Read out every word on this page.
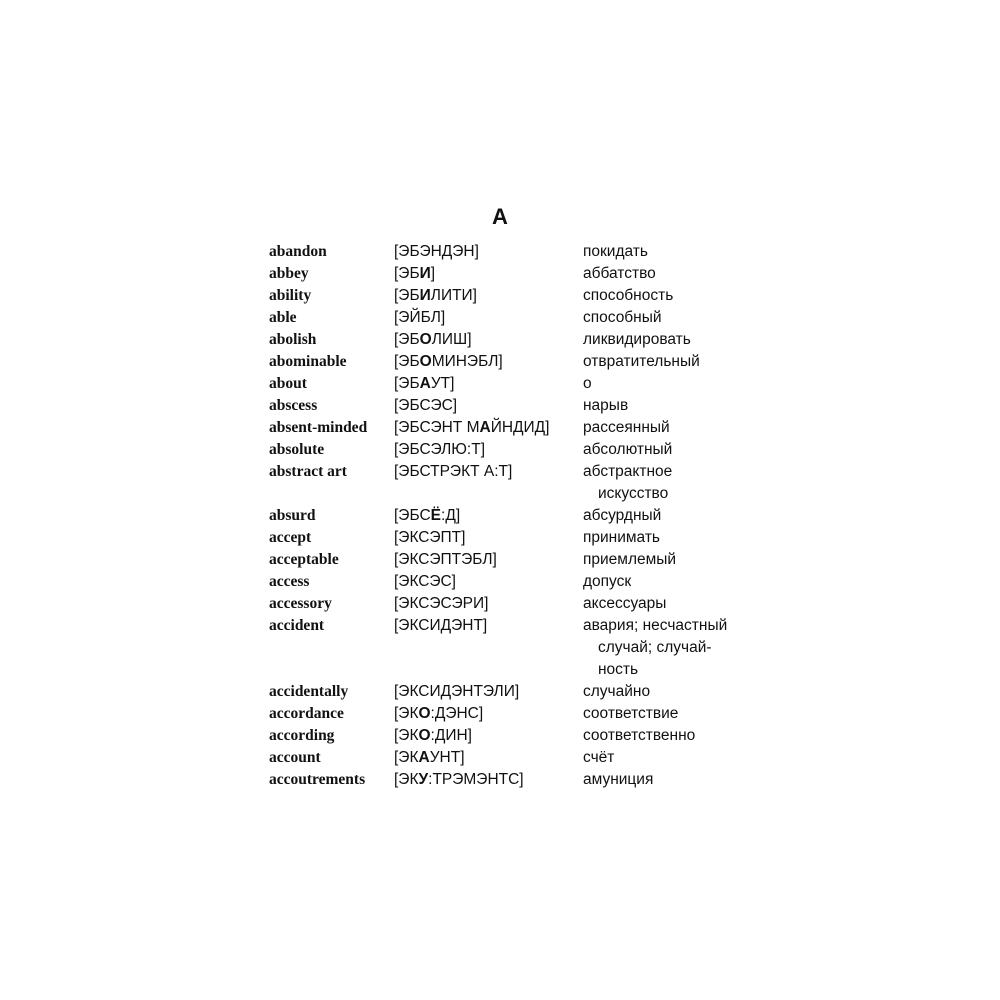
A
abandon	[ЭБЭНДЭН]	покидать
abbey	[ЭБИ]	аббатство
ability	[ЭБИЛИТИ]	способность
able	[ЭЙБЛ]	способный
abolish	[ЭБОЛИШ]	ликвидировать
abominable	[ЭБОМИНЭБЛ]	отвратительный
about	[ЭБАУТ]	о
abscess	[ЭБСЭС]	нарыв
absent-minded	[ЭБСЭНТ МАЙНДИД]	рассеянный
absolute	[ЭБСЭЛЮ:Т]	абсолютный
abstract art	[ЭБСТРЭКТ А:Т]	абстрактное
искусство
absurd	[ЭБСЁ:Д]	абсурдный
accept	[ЭКСЭПТ]	принимать
acceptable	[ЭКСЭПТЭБЛ]	приемлемый
access	[ЭКСЭС]	допуск
accessory	[ЭКСЭСЭРИ]	аксессуары
accident	[ЭКСИДЭНТ]	авария; несчастный
случай; случай-
ность
accidentally	[ЭКСИДЭНТЭЛИ]	случайно
accordance	[ЭКО:ДЭНС]	соответствие
according	[ЭКО:ДИН]	соответственно
account	[ЭКАУНТ]	счёт
accoutrements	[ЭКУ:ТРЭМЭНТС]	амуниция
